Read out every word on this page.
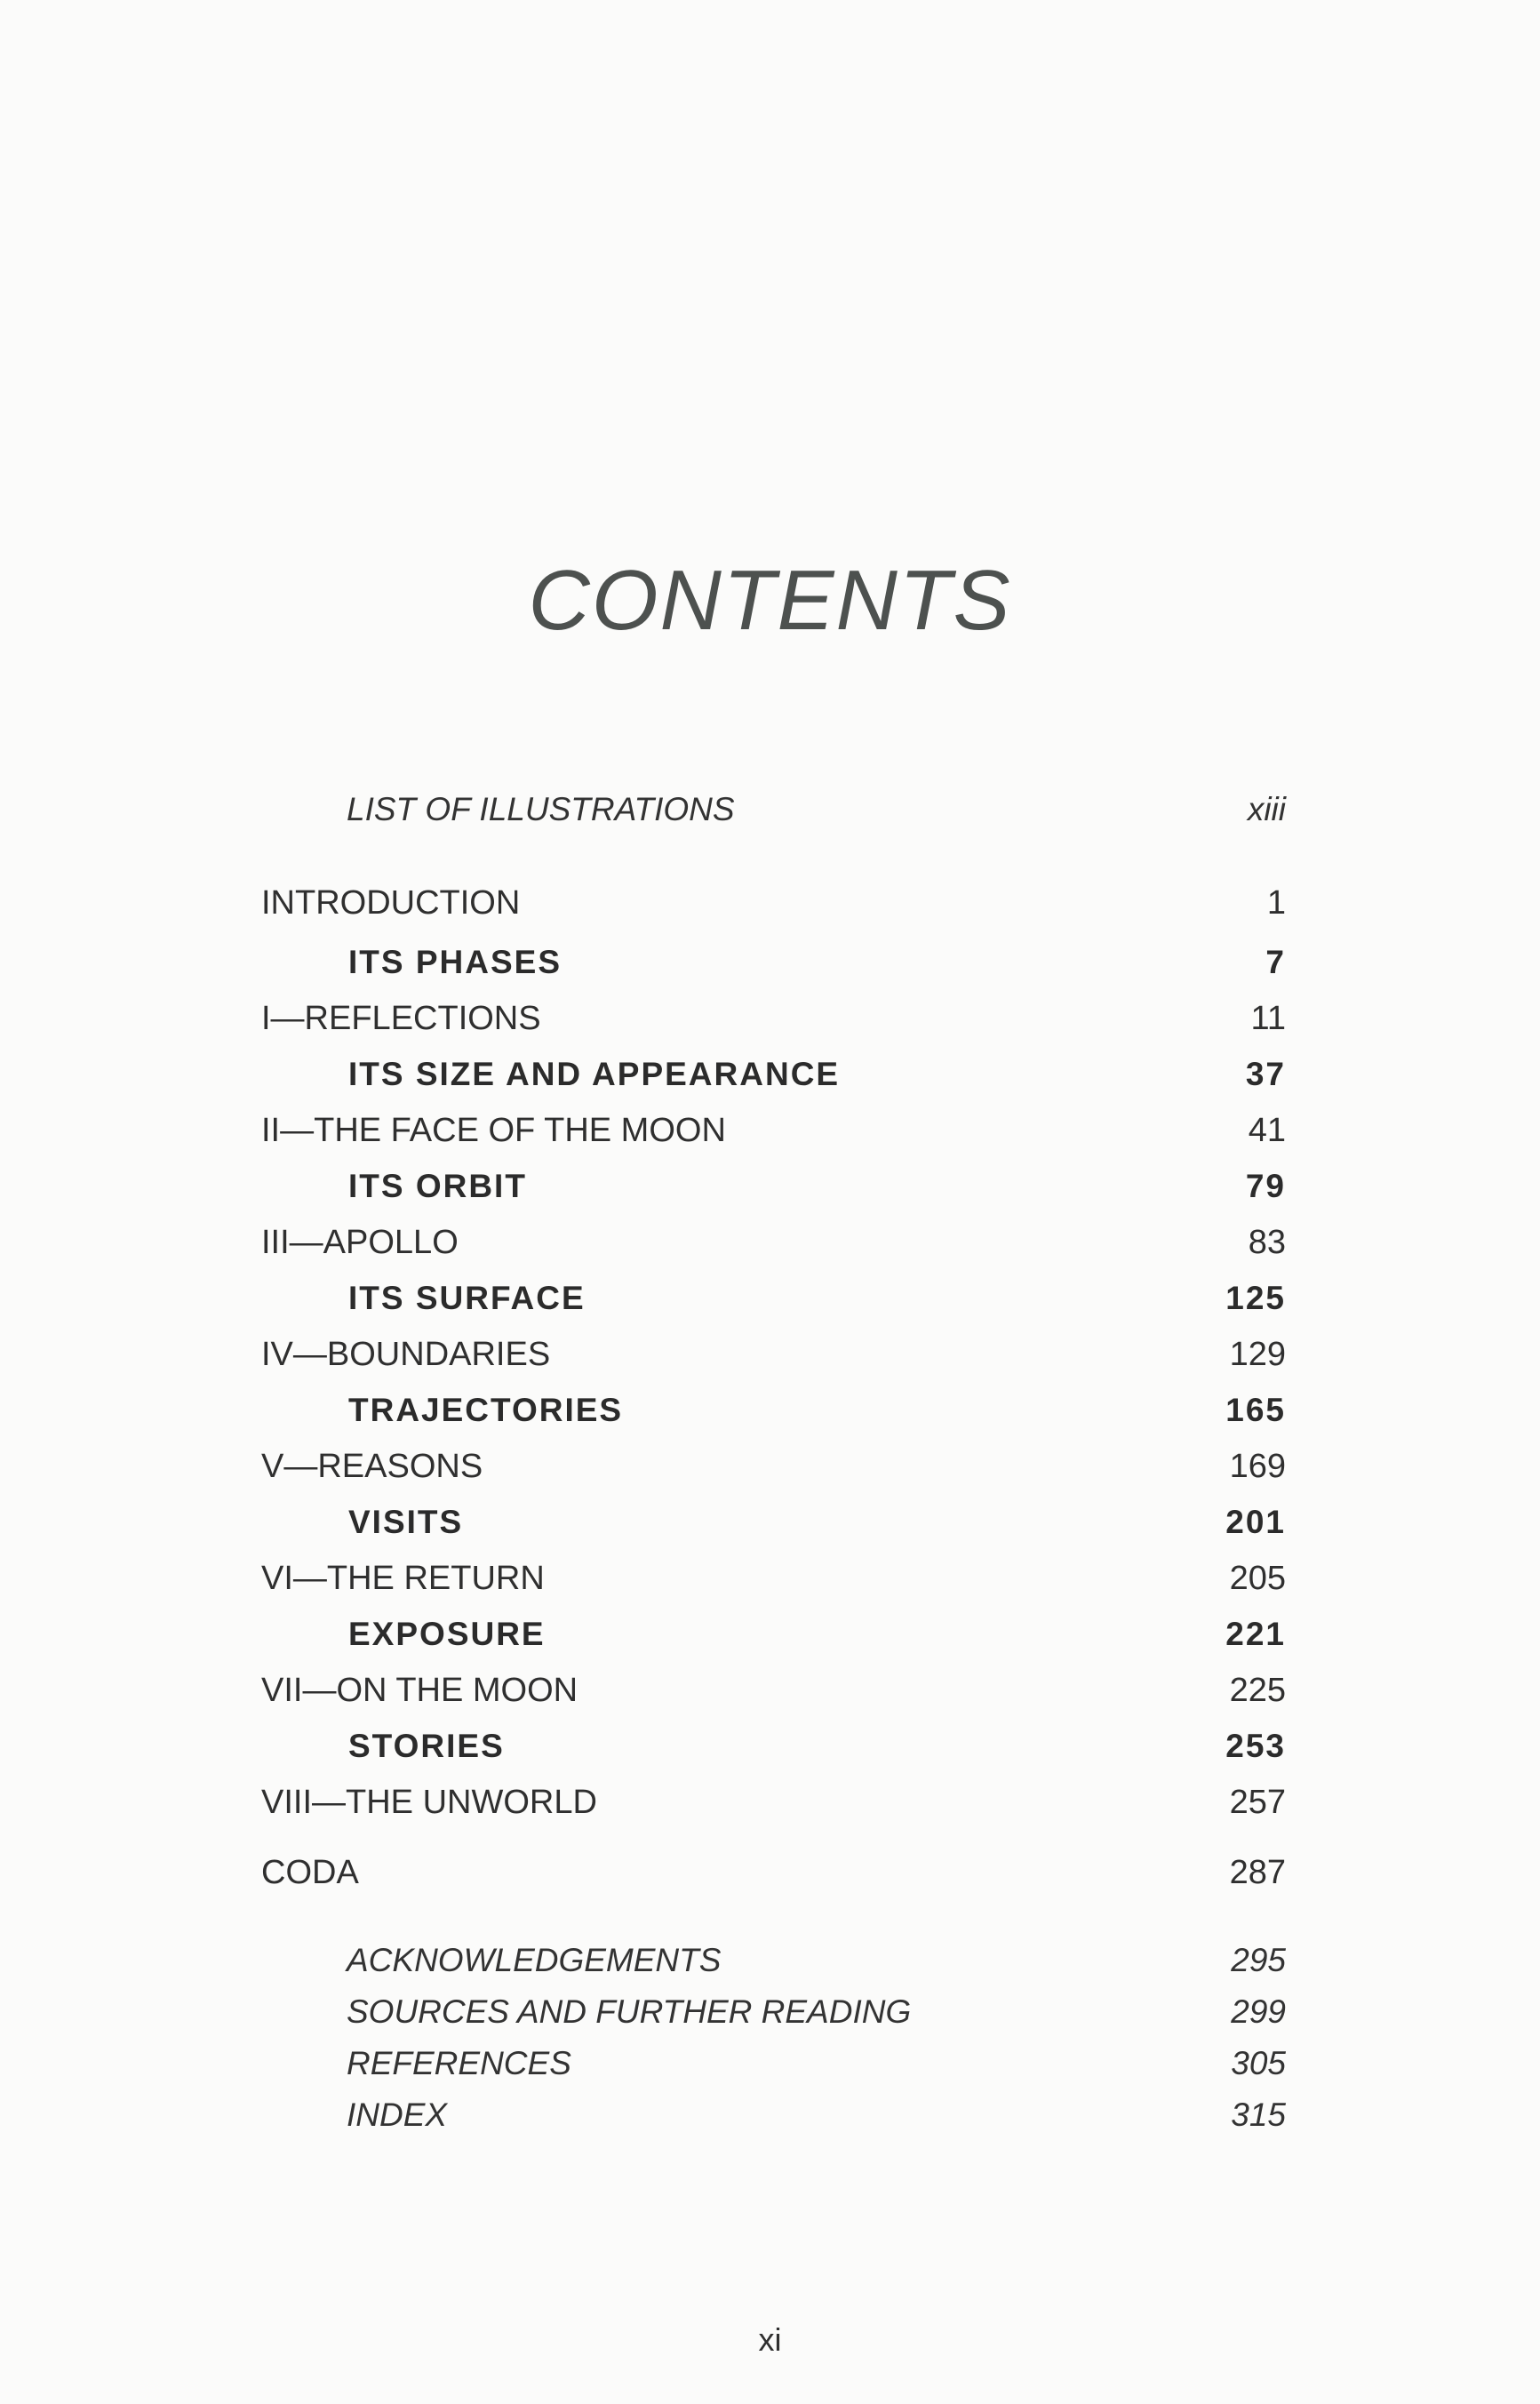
CONTENTS
LIST OF ILLUSTRATIONS	xiii
INTRODUCTION	1
ITS PHASES	7
I—REFLECTIONS	11
ITS SIZE AND APPEARANCE	37
II—THE FACE OF THE MOON	41
ITS ORBIT	79
III—APOLLO	83
ITS SURFACE	125
IV—BOUNDARIES	129
TRAJECTORIES	165
V—REASONS	169
VISITS	201
VI—THE RETURN	205
EXPOSURE	221
VII—ON THE MOON	225
STORIES	253
VIII—THE UNWORLD	257
CODA	287
ACKNOWLEDGEMENTS	295
SOURCES AND FURTHER READING	299
REFERENCES	305
INDEX	315
xi
